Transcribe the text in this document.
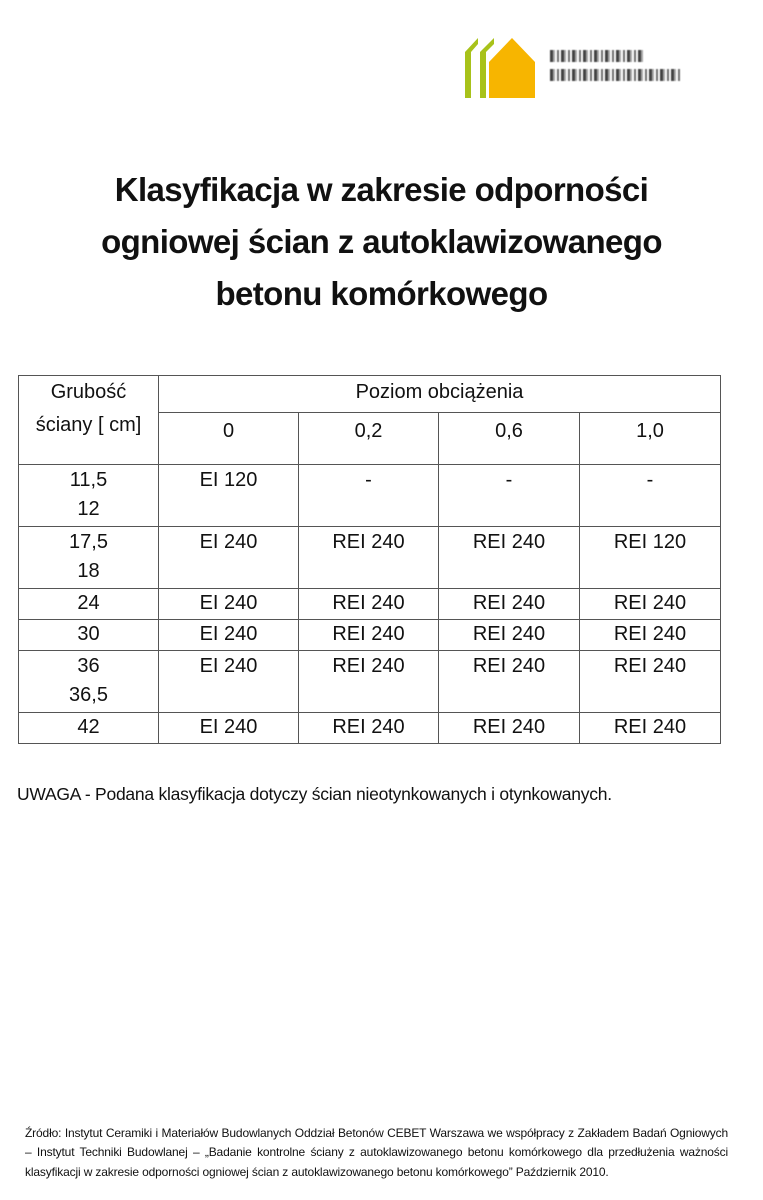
Klasyfikacja w zakresie odporności
ogniowej ścian z autoklawizowanego
betonu komórkowego
Grubość
ściany [ cm]	Poziom obciążenia			
	0	0,2	0,6	1,0

11,5
12	EI 120	-	-	-

17,5
18	EI 240	REI 240	REI 240	REI 120
24	EI 240	REI 240	REI 240	REI 240
30	EI 240	REI 240	REI 240	REI 240

36
36,5	EI 240	REI 240	REI 240	REI 240
42	EI 240	REI 240	REI 240	REI 240
UWAGA - Podana klasyfikacja dotyczy ścian nieotynkowanych i otynkowanych.
Źródło: Instytut Ceramiki i Materiałów Budowlanych Oddział Betonów CEBET Warszawa we współpracy z Zakładem Badań Ogniowych – Instytut Techniki Budowlanej – „Badanie kontrolne ściany z autoklawizowanego betonu komórkowego dla przedłużenia ważności klasyfikacji w zakresie odporności ogniowej ścian z autoklawizowanego betonu komórkowego” Październik 2010.
